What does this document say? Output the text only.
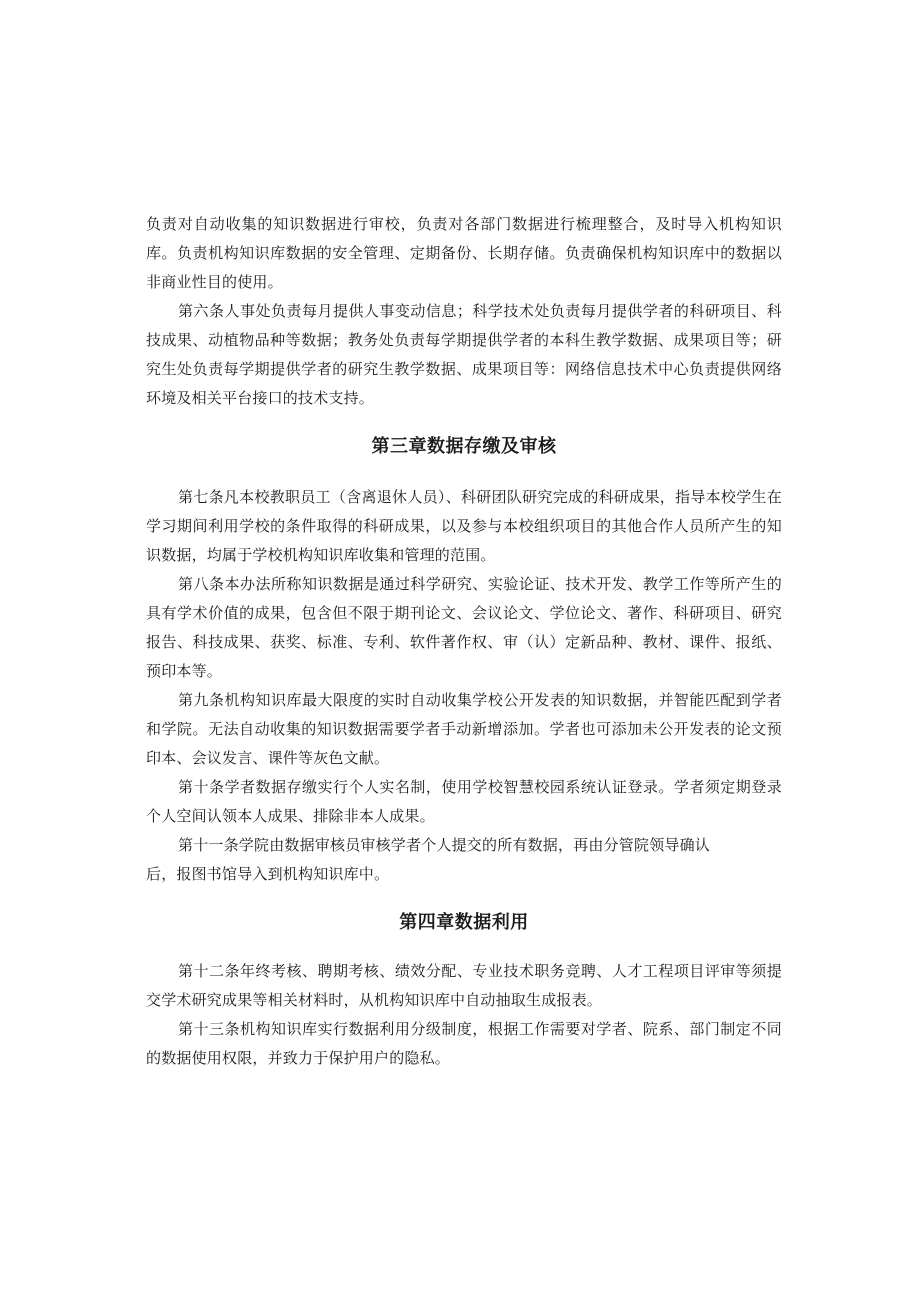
负责对自动收集的知识数据进行审校，负责对各部门数据进行梳理整合，及时导入机构知识库。负责机构知识库数据的安全管理、定期备份、长期存储。负责确保机构知识库中的数据以非商业性目的使用。

第六条人事处负责每月提供人事变动信息；科学技术处负责每月提供学者的科研项目、科技成果、动植物品种等数据；教务处负责每学期提供学者的本科生教学数据、成果项目等；研究生处负责每学期提供学者的研究生教学数据、成果项目等：网络信息技术中心负责提供网络环境及相关平台接口的技术支持。

第三章数据存缴及审核

第七条凡本校教职员工（含离退休人员）、科研团队研究完成的科研成果，指导本校学生在学习期间利用学校的条件取得的科研成果，以及参与本校组织项目的其他合作人员所产生的知识数据，均属于学校机构知识库收集和管理的范围。

第八条本办法所称知识数据是通过科学研究、实验论证、技术开发、教学工作等所产生的具有学术价值的成果，包含但不限于期刊论文、会议论文、学位论文、著作、科研项目、研究报告、科技成果、获奖、标准、专利、软件著作权、审（认）定新品种、教材、课件、报纸、预印本等。

第九条机构知识库最大限度的实时自动收集学校公开发表的知识数据，并智能匹配到学者和学院。无法自动收集的知识数据需要学者手动新增添加。学者也可添加未公开发表的论文预印本、会议发言、课件等灰色文献。

第十条学者数据存缴实行个人实名制，使用学校智慧校园系统认证登录。学者须定期登录个人空间认领本人成果、排除非本人成果。

第十一条学院由数据审核员审核学者个人提交的所有数据，再由分管院领导确认

后，报图书馆导入到机构知识库中。

第四章数据利用

第十二条年终考核、聘期考核、绩效分配、专业技术职务竞聘、人才工程项目评审等须提交学术研究成果等相关材料时，从机构知识库中自动抽取生成报表。

第十三条机构知识库实行数据利用分级制度，根据工作需要对学者、院系、部门制定不同的数据使用权限，并致力于保护用户的隐私。
